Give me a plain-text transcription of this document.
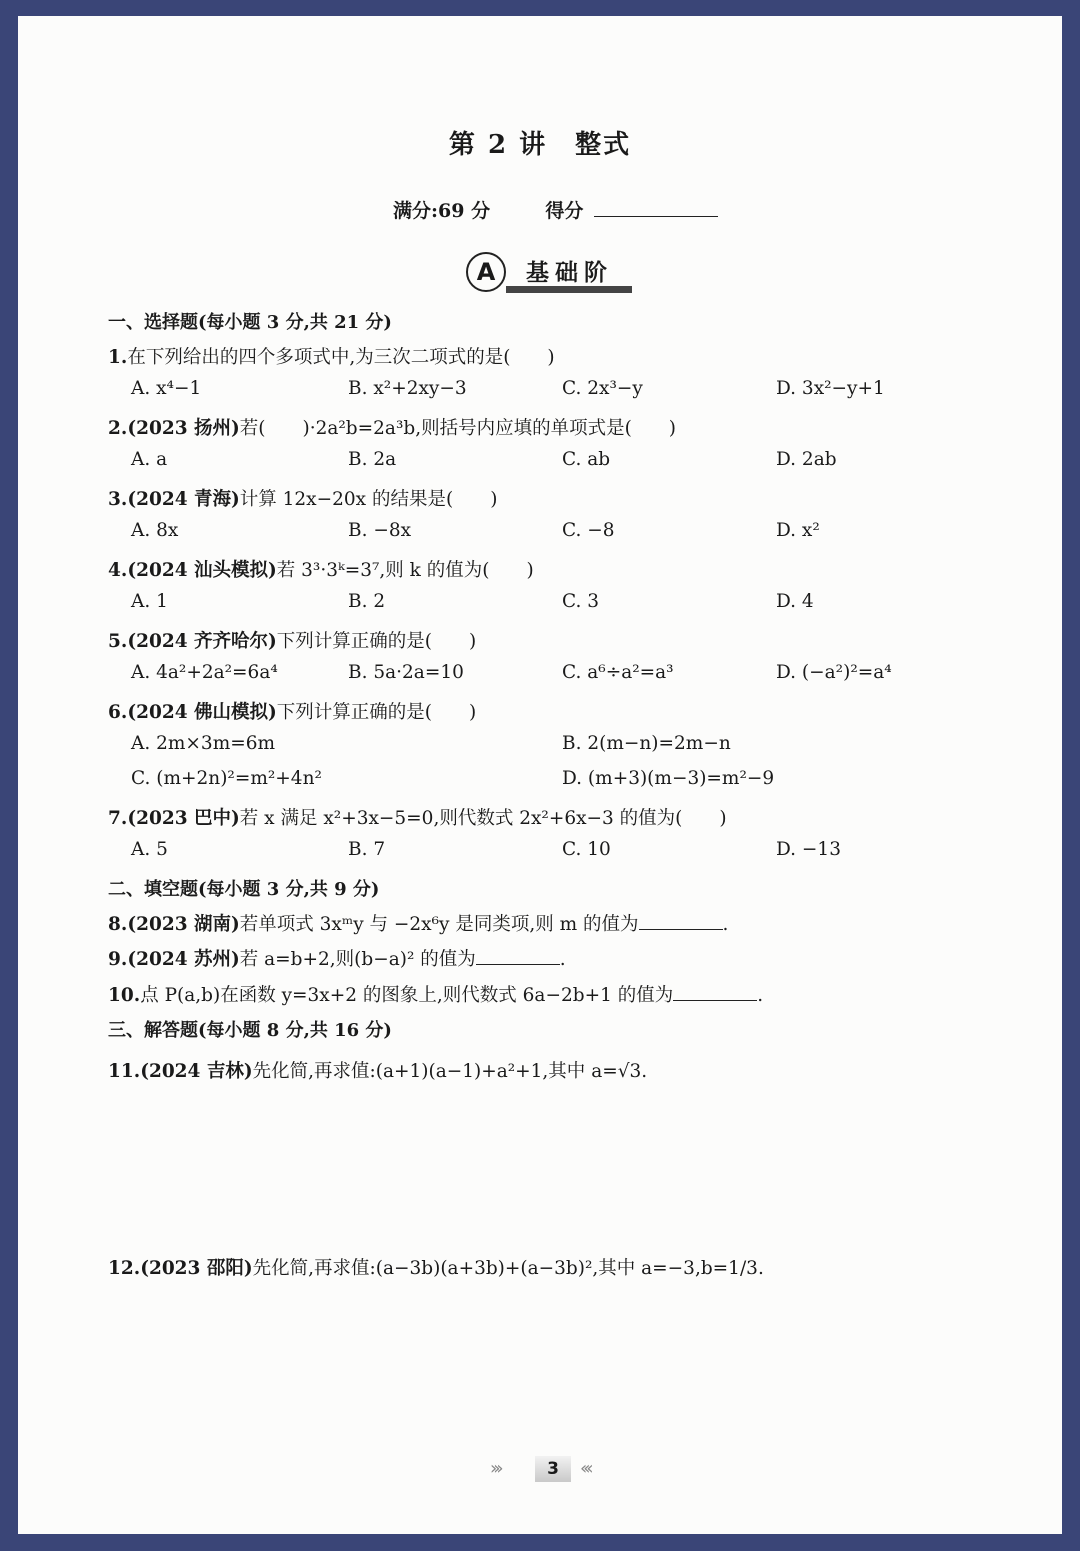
第 2 讲　整式
满分:69 分	得分
A	基础阶
一、选择题(每小题 3 分,共 21 分)
1.在下列给出的四个多项式中,为三次二项式的是(　　)
A. x⁴−1	B. x²+2xy−3	C. 2x³−y	D. 3x²−y+1
2.(2023 扬州)若(　　)·2a²b=2a³b,则括号内应填的单项式是(　　)
A. a	B. 2a	C. ab	D. 2ab
3.(2024 青海)计算 12x−20x 的结果是(　　)
A. 8x	B. −8x	C. −8	D. x²
4.(2024 汕头模拟)若 3³·3ᵏ=3⁷,则 k 的值为(　　)
A. 1	B. 2	C. 3	D. 4
5.(2024 齐齐哈尔)下列计算正确的是(　　)
A. 4a²+2a²=6a⁴	B. 5a·2a=10	C. a⁶÷a²=a³	D. (−a²)²=a⁴
6.(2024 佛山模拟)下列计算正确的是(　　)
A. 2m×3m=6m	B. 2(m−n)=2m−n
C. (m+2n)²=m²+4n²	D. (m+3)(m−3)=m²−9
7.(2023 巴中)若 x 满足 x²+3x−5=0,则代数式 2x²+6x−3 的值为(　　)
A. 5	B. 7	C. 10	D. −13
二、填空题(每小题 3 分,共 9 分)
8.(2023 湖南)若单项式 3xᵐy 与 −2x⁶y 是同类项,则 m 的值为	.
9.(2024 苏州)若 a=b+2,则(b−a)² 的值为	.
10.点 P(a,b)在函数 y=3x+2 的图象上,则代数式 6a−2b+1 的值为	.
三、解答题(每小题 8 分,共 16 分)
11.(2024 吉林)先化简,再求值:(a+1)(a−1)+a²+1,其中 a=√3.
12.(2023 邵阳)先化简,再求值:(a−3b)(a+3b)+(a−3b)²,其中 a=−3,b=1/3.
›››	3	‹‹‹
